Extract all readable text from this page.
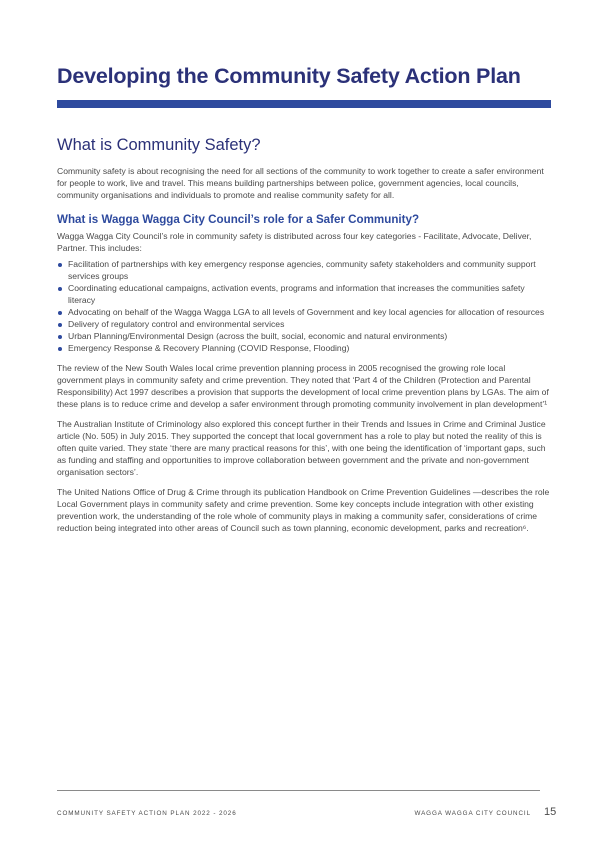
Developing the Community Safety Action Plan
What is Community Safety?

Community safety is about recognising the need for all sections of the community to work together to create a safer environment for people to work, live and travel. This means building partnerships between police, government agencies, local councils, community organisations and individuals to promote and realise community safety for all.

What is Wagga Wagga City Council’s role for a Safer Community?

Wagga Wagga City Council’s role in community safety is distributed across four key categories - Facilitate, Advocate, Deliver, Partner. This includes:

Facilitation of partnerships with key emergency response agencies, community safety stakeholders and community support services groups
Coordinating educational campaigns, activation events, programs and information that increases the communities safety literacy
Advocating on behalf of the Wagga Wagga LGA to all levels of Government and key local agencies for allocation of resources
Delivery of regulatory control and environmental services
Urban Planning/Environmental Design (across the built, social, economic and natural environments)
Emergency Response & Recovery Planning (COVID Response, Flooding)

The review of the New South Wales local crime prevention planning process in 2005 recognised the growing role local government plays in community safety and crime prevention. They noted that ‘Part 4 of the Children (Protection and Parental Responsibility) Act 1997 describes a provision that supports the development of local crime prevention plans by LGAs. The aim of these plans is to reduce crime and develop a safer environment through promoting community involvement in plan development’¹

The Australian Institute of Criminology also explored this concept further in their Trends and Issues in Crime and Criminal Justice article (No. 505) in July 2015. They supported the concept that local government has a role to play but noted the reality of this is often quite varied. They state ‘there are many practical reasons for this’, with one being the identification of ‘important gaps, such as funding and staffing and opportunities to improve collaboration between government and the private and non-government organisation sectors’.

The United Nations Office of Drug & Crime through its publication Handbook on Crime Prevention Guidelines —describes the role Local Government plays in community safety and crime prevention. Some key concepts include integration with other existing prevention work, the understanding of the role whole of community plays in making a community safer, considerations of crime reduction being integrated into other areas of Council such as town planning, economic development, parks and recreation⁶.

COMMUNITY SAFETY ACTION PLAN 2022 - 2026	WAGGA WAGGA CITY COUNCIL 15
